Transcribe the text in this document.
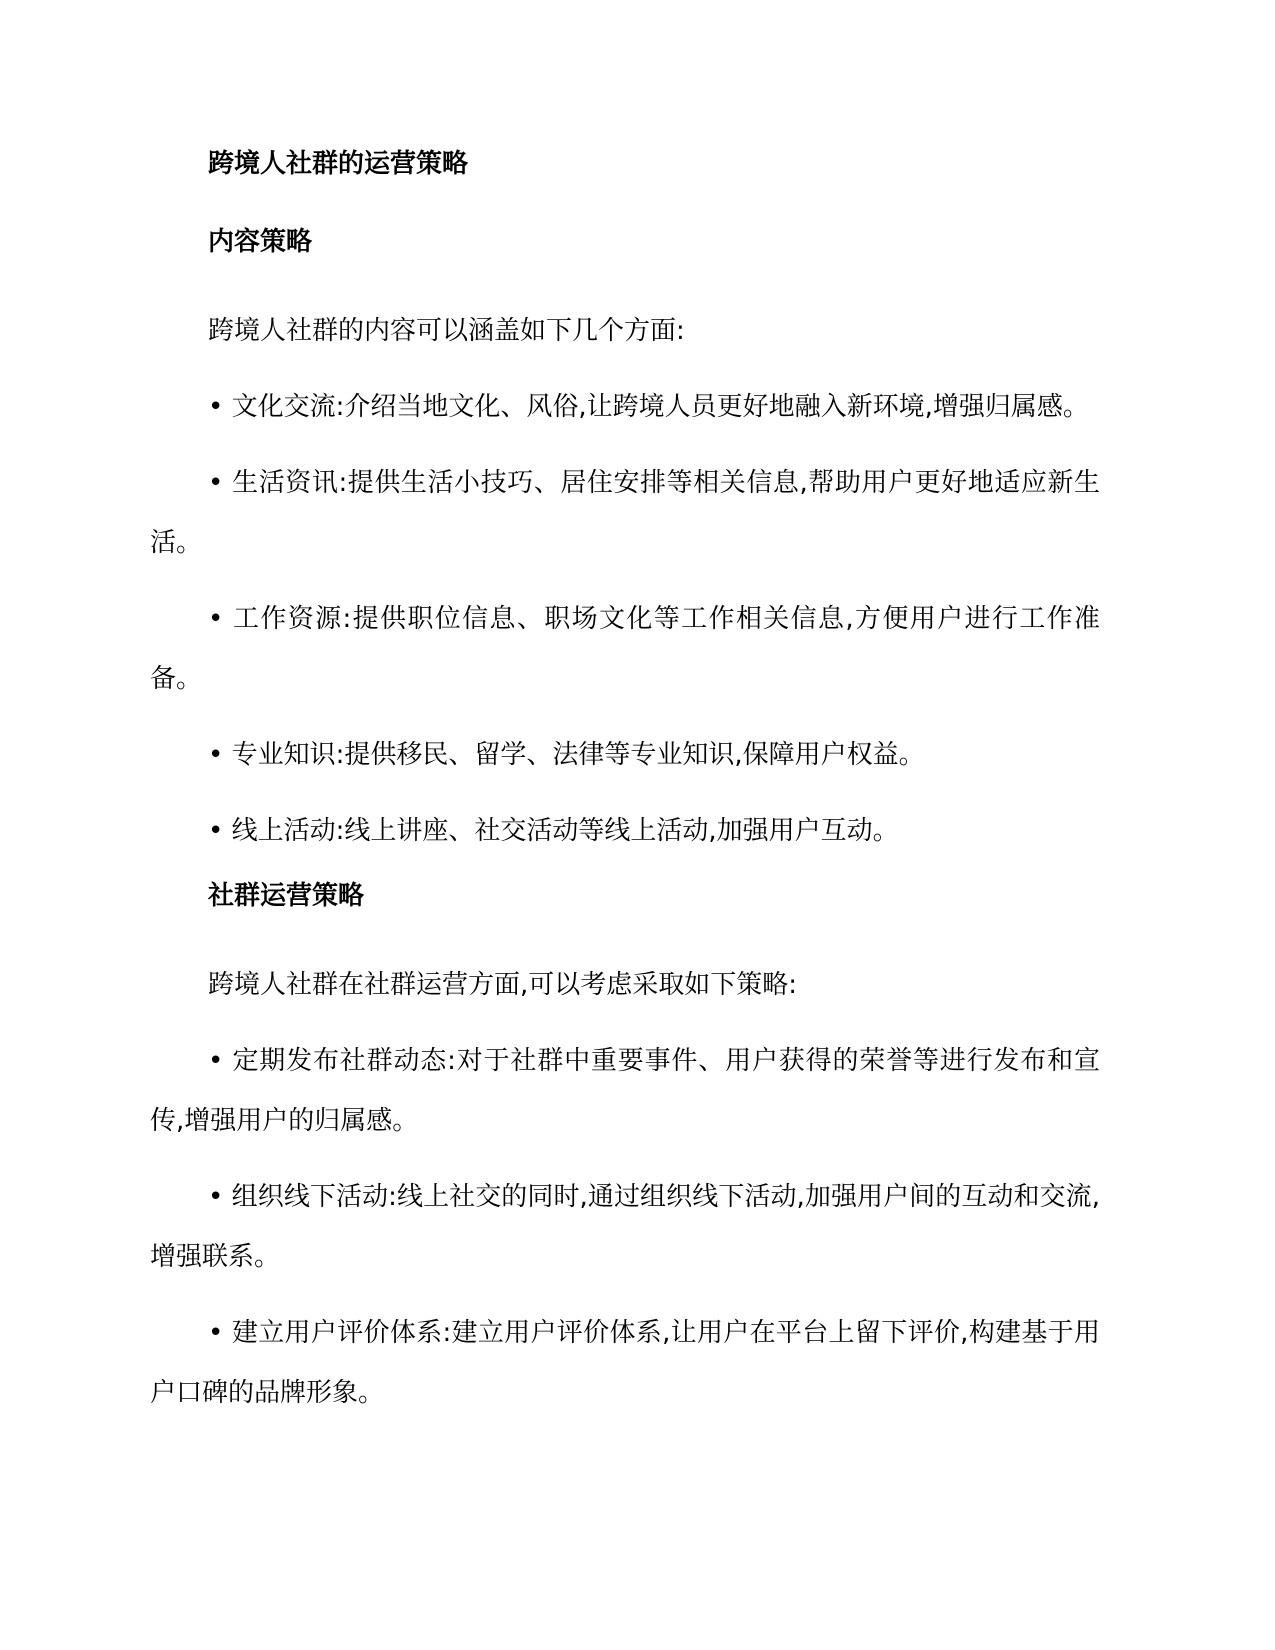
跨境人社群的运营策略
内容策略
跨境人社群的内容可以涵盖如下几个方面:
• 文化交流:介绍当地文化、风俗,让跨境人员更好地融入新环境,增强归属感。
• 生活资讯:提供生活小技巧、居住安排等相关信息,帮助用户更好地适应新生活。
• 工作资源:提供职位信息、职场文化等工作相关信息,方便用户进行工作准备。
• 专业知识:提供移民、留学、法律等专业知识,保障用户权益。
• 线上活动:线上讲座、社交活动等线上活动,加强用户互动。
社群运营策略
跨境人社群在社群运营方面,可以考虑采取如下策略:
• 定期发布社群动态:对于社群中重要事件、用户获得的荣誉等进行发布和宣传,增强用户的归属感。
• 组织线下活动:线上社交的同时,通过组织线下活动,加强用户间的互动和交流,增强联系。
• 建立用户评价体系:建立用户评价体系,让用户在平台上留下评价,构建基于用户口碑的品牌形象。
